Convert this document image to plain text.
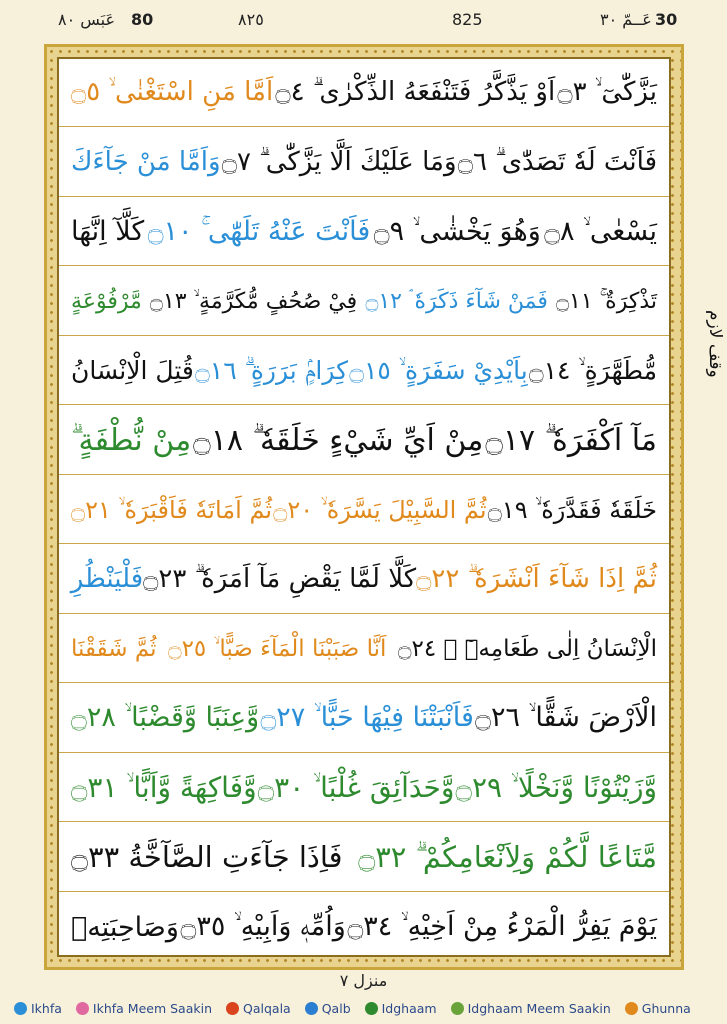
عَبَس ٨٠ 80	٨٢٥	825	عَــمّ ٣٠ 30
وقف لازم
يَزَّكّٰىٓ ۙ ۝٣
اَوْ يَذَّكَّرُ فَتَنْفَعَهُ الذِّكْرٰى ۗ ۝٤
اَمَّا مَنِ اسْتَغْنٰى ۙ ۝٥
فَاَنْتَ لَهٗ تَصَدّٰى ۗ ۝٦
وَمَا عَلَيْكَ اَلَّا يَزَّكّٰى ۗ ۝٧
وَاَمَّا مَنْ جَآءَكَ
يَسْعٰى ۙ ۝٨
وَهُوَ يَخْشٰى ۙ ۝٩
فَاَنْتَ عَنْهُ تَلَهّٰى ۚ ۝١٠
كَلَّآ اِنَّهَا
تَذْكِرَةٌ ۚ ۝١١
فَمَنْ شَآءَ ذَكَرَهٗ ۘ ۝١٢
فِيْ صُحُفٍ مُّكَرَّمَةٍ ۙ ۝١٣
مَّرْفُوْعَةٍ
مُّطَهَّرَةٍ ۙ ۝١٤
بِاَيْدِيْ سَفَرَةٍ ۙ ۝١٥
كِرَامٍۢ بَرَرَةٍ ۗ ۝١٦
قُتِلَ الْاِنْسَانُ
مَآ اَكْفَرَهٗ ۗ ۝١٧
مِنْ اَيِّ شَيْءٍ خَلَقَهٗ ۗ ۝١٨
مِنْ نُّطْفَةٍ ۗ
خَلَقَهٗ فَقَدَّرَهٗ ۙ ۝١٩
ثُمَّ السَّبِيْلَ يَسَّرَهٗ ۙ ۝٢٠
ثُمَّ اَمَاتَهٗ فَاَقْبَرَهٗ ۙ ۝٢١
ثُمَّ اِذَا شَآءَ اَنْشَرَهٗ ۗ ۝٢٢
كَلَّا لَمَّا يَقْضِ مَآ اَمَرَهٗ ۗ ۝٢٣
فَلْيَنْظُرِ
الْاِنْسَانُ اِلٰى طَعَامِهٖٓ ۙ ۝٢٤
اَنَّا صَبَبْنَا الْمَآءَ صَبًّا ۙ ۝٢٥
ثُمَّ شَقَقْنَا
الْاَرْضَ شَقًّا ۙ ۝٢٦
فَاَنْبَتْنَا فِيْهَا حَبًّا ۙ ۝٢٧
وَّعِنَبًا وَّقَضْبًا ۙ ۝٢٨
وَّزَيْتُوْنًا وَّنَخْلًا ۙ ۝٢٩
وَّحَدَآئِقَ غُلْبًا ۙ ۝٣٠
وَّفَاكِهَةً وَّاَبًّا ۙ ۝٣١
مَّتَاعًا لَّكُمْ وَلِاَنْعَامِكُمْ ۗ ۝٣٢
فَاِذَا جَآءَتِ الصَّآخَّةُ ۝٣٣
يَوْمَ يَفِرُّ الْمَرْءُ مِنْ اَخِيْهِ ۙ ۝٣٤
وَاُمِّهٖ وَاَبِيْهِ ۙ ۝٣٥
وَصَاحِبَتِهٖ
منزل ٧
Ikhfa Ikhfa Meem Saakin Qalqala Qalb Idghaam Idghaam Meem Saakin Ghunna
